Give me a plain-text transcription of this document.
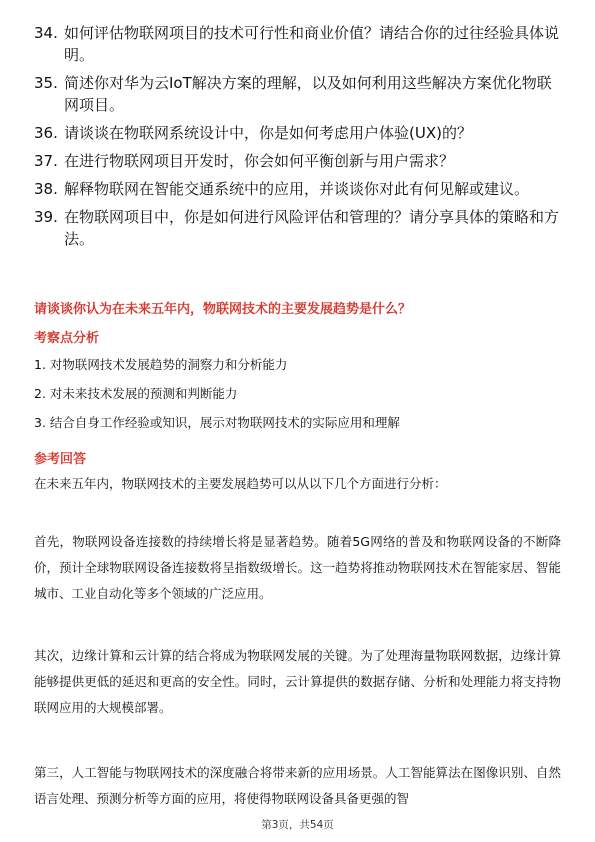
34. 如何评估物联网项目的技术可行性和商业价值？请结合你的过往经验具体说明。
35. 简述你对华为云IoT解决方案的理解，以及如何利用这些解决方案优化物联网项目。
36. 请谈谈在物联网系统设计中，你是如何考虑用户体验(UX)的？
37. 在进行物联网项目开发时，你会如何平衡创新与用户需求？
38. 解释物联网在智能交通系统中的应用，并谈谈你对此有何见解或建议。
39. 在物联网项目中，你是如何进行风险评估和管理的？请分享具体的策略和方法。
请谈谈你认为在未来五年内，物联网技术的主要发展趋势是什么？
考察点分析
1. 对物联网技术发展趋势的洞察力和分析能力
2. 对未来技术发展的预测和判断能力
3. 结合自身工作经验或知识，展示对物联网技术的实际应用和理解
参考回答
在未来五年内，物联网技术的主要发展趋势可以从以下几个方面进行分析：
首先，物联网设备连接数的持续增长将是显著趋势。随着5G网络的普及和物联网设备的不断降价，预计全球物联网设备连接数将呈指数级增长。这一趋势将推动物联网技术在智能家居、智能城市、工业自动化等多个领域的广泛应用。
其次，边缘计算和云计算的结合将成为物联网发展的关键。为了处理海量物联网数据，边缘计算能够提供更低的延迟和更高的安全性。同时，云计算提供的数据存储、分析和处理能力将支持物联网应用的大规模部署。
第三，人工智能与物联网技术的深度融合将带来新的应用场景。人工智能算法在图像识别、自然语言处理、预测分析等方面的应用，将使得物联网设备具备更强的智
第3页，共54页
